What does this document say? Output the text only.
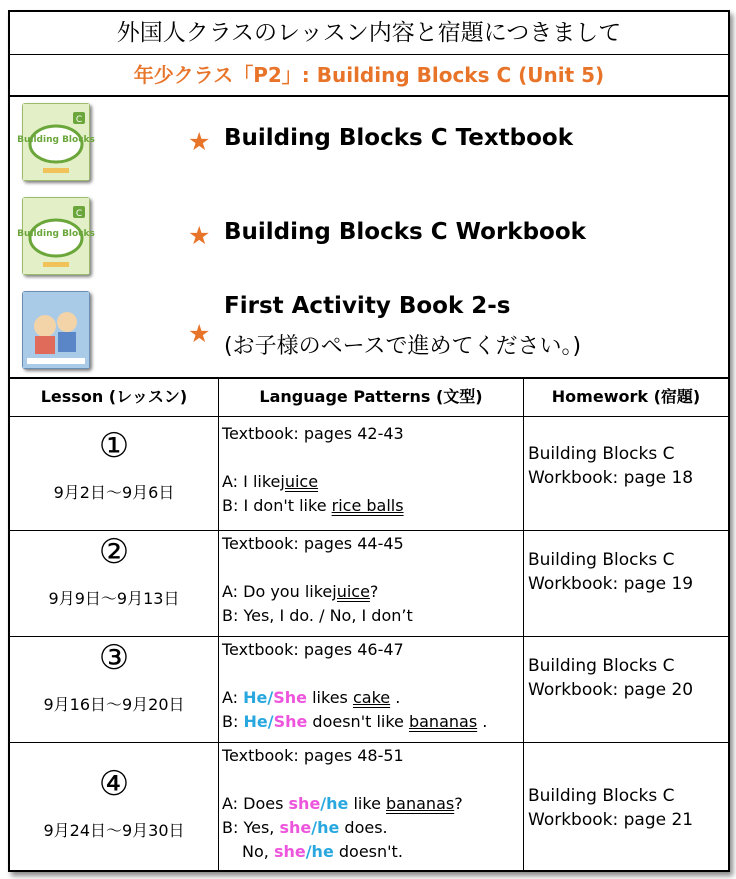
外国人クラスのレッスン内容と宿題につきまして
年少クラス「P2」: Building Blocks C (Unit 5)
C
Building Blocks	★ Building Blocks C Textbook
C
Building Blocks	★ Building Blocks C Workbook
★
First Activity Book 2-s
(お子様のペースで進めてください。)
Lesson (レッスン)	Language Patterns (文型)	Homework (宿題)
①
9月2日～9月6日
Textbook: pages 42-43

A: I likejuice
B: I don't like rice balls
Building Blocks C
Workbook: page 18
②
9月9日～9月13日
Textbook: pages 44-45

A: Do you likejuice?
B: Yes, I do. / No, I don’t
Building Blocks C
Workbook: page 19
③
9月16日～9月20日
Textbook: pages 46-47

A: He/She likes cake .
B: He/She doesn't like bananas .
Building Blocks C
Workbook: page 20
④
9月24日～9月30日
Textbook: pages 48-51

A: Does she/he like bananas?
B: Yes, she/he does.
No, she/he doesn't.
Building Blocks C
Workbook: page 21
